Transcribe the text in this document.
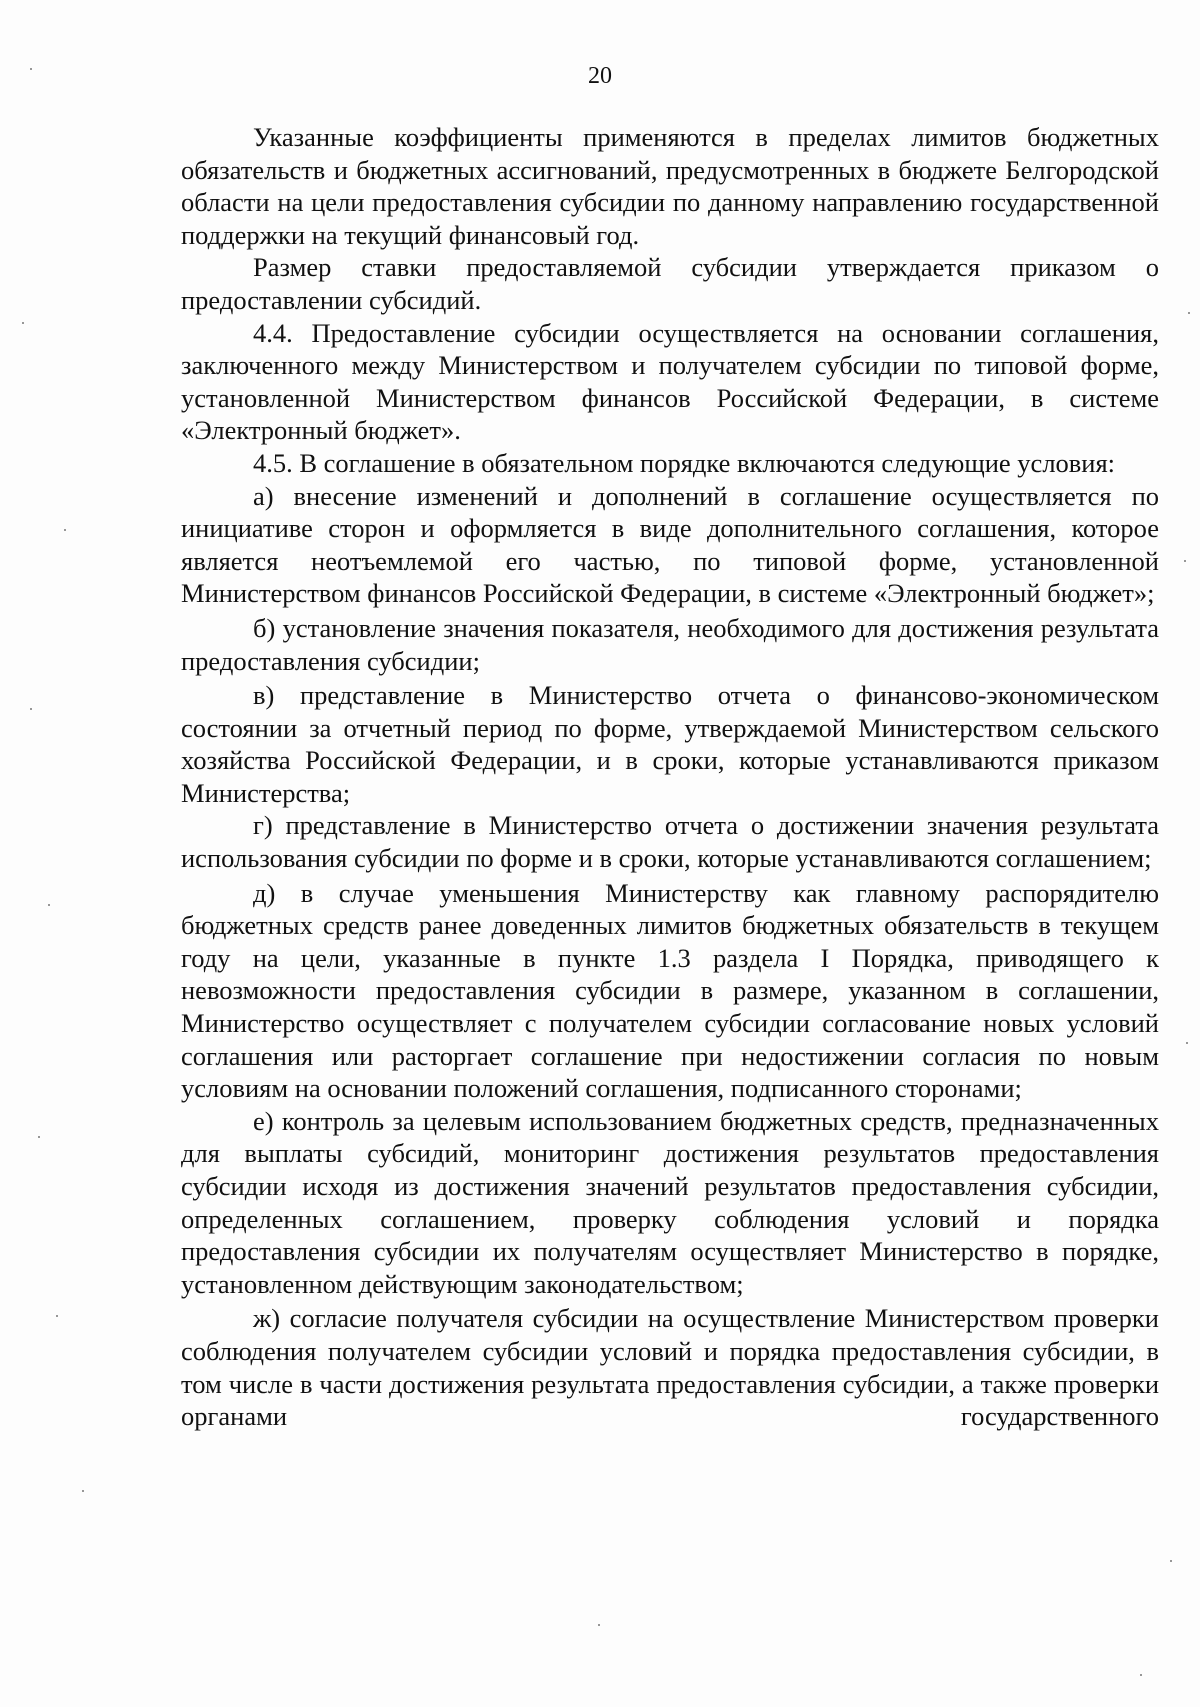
20

Указанные коэффициенты применяются в пределах лимитов бюджетных обязательств и бюджетных ассигнований, предусмотренных в бюджете Белгородской области на цели предоставления субсидии по данному направлению государственной поддержки на текущий финансовый год.

Размер ставки предоставляемой субсидии утверждается приказом о предоставлении субсидий.

4.4. Предоставление субсидии осуществляется на основании соглашения, заключенного между Министерством и получателем субсидии по типовой форме, установленной Министерством финансов Российской Федерации, в системе «Электронный бюджет».

4.5. В соглашение в обязательном порядке включаются следующие условия:

а) внесение изменений и дополнений в соглашение осуществляется по инициативе сторон и оформляется в виде дополнительного соглашения, которое является неотъемлемой его частью, по типовой форме, установленной Министерством финансов Российской Федерации, в системе «Электронный бюджет»;

б) установление значения показателя, необходимого для достижения результата предоставления субсидии;

в) представление в Министерство отчета о финансово-экономическом состоянии за отчетный период по форме, утверждаемой Министерством сельского хозяйства Российской Федерации, и в сроки, которые устанавливаются приказом Министерства;

г) представление в Министерство отчета о достижении значения результата использования субсидии по форме и в сроки, которые устанавливаются соглашением;

д) в случае уменьшения Министерству как главному распорядителю бюджетных средств ранее доведенных лимитов бюджетных обязательств в текущем году на цели, указанные в пункте 1.3 раздела I Порядка, приводящего к невозможности предоставления субсидии в размере, указанном в соглашении, Министерство осуществляет с получателем субсидии согласование новых условий соглашения или расторгает соглашение при недостижении согласия по новым условиям на основании положений соглашения, подписанного сторонами;

е) контроль за целевым использованием бюджетных средств, предназначенных для выплаты субсидий, мониторинг достижения результатов предоставления субсидии исходя из достижения значений результатов предоставления субсидии, определенных соглашением, проверку соблюдения условий и порядка предоставления субсидии их получателям осуществляет Министерство в порядке, установленном действующим законодательством;

ж) согласие получателя субсидии на осуществление Министерством проверки соблюдения получателем субсидии условий и порядка предоставления субсидии, в том числе в части достижения результата предоставления субсидии, а также проверки органами государственного
